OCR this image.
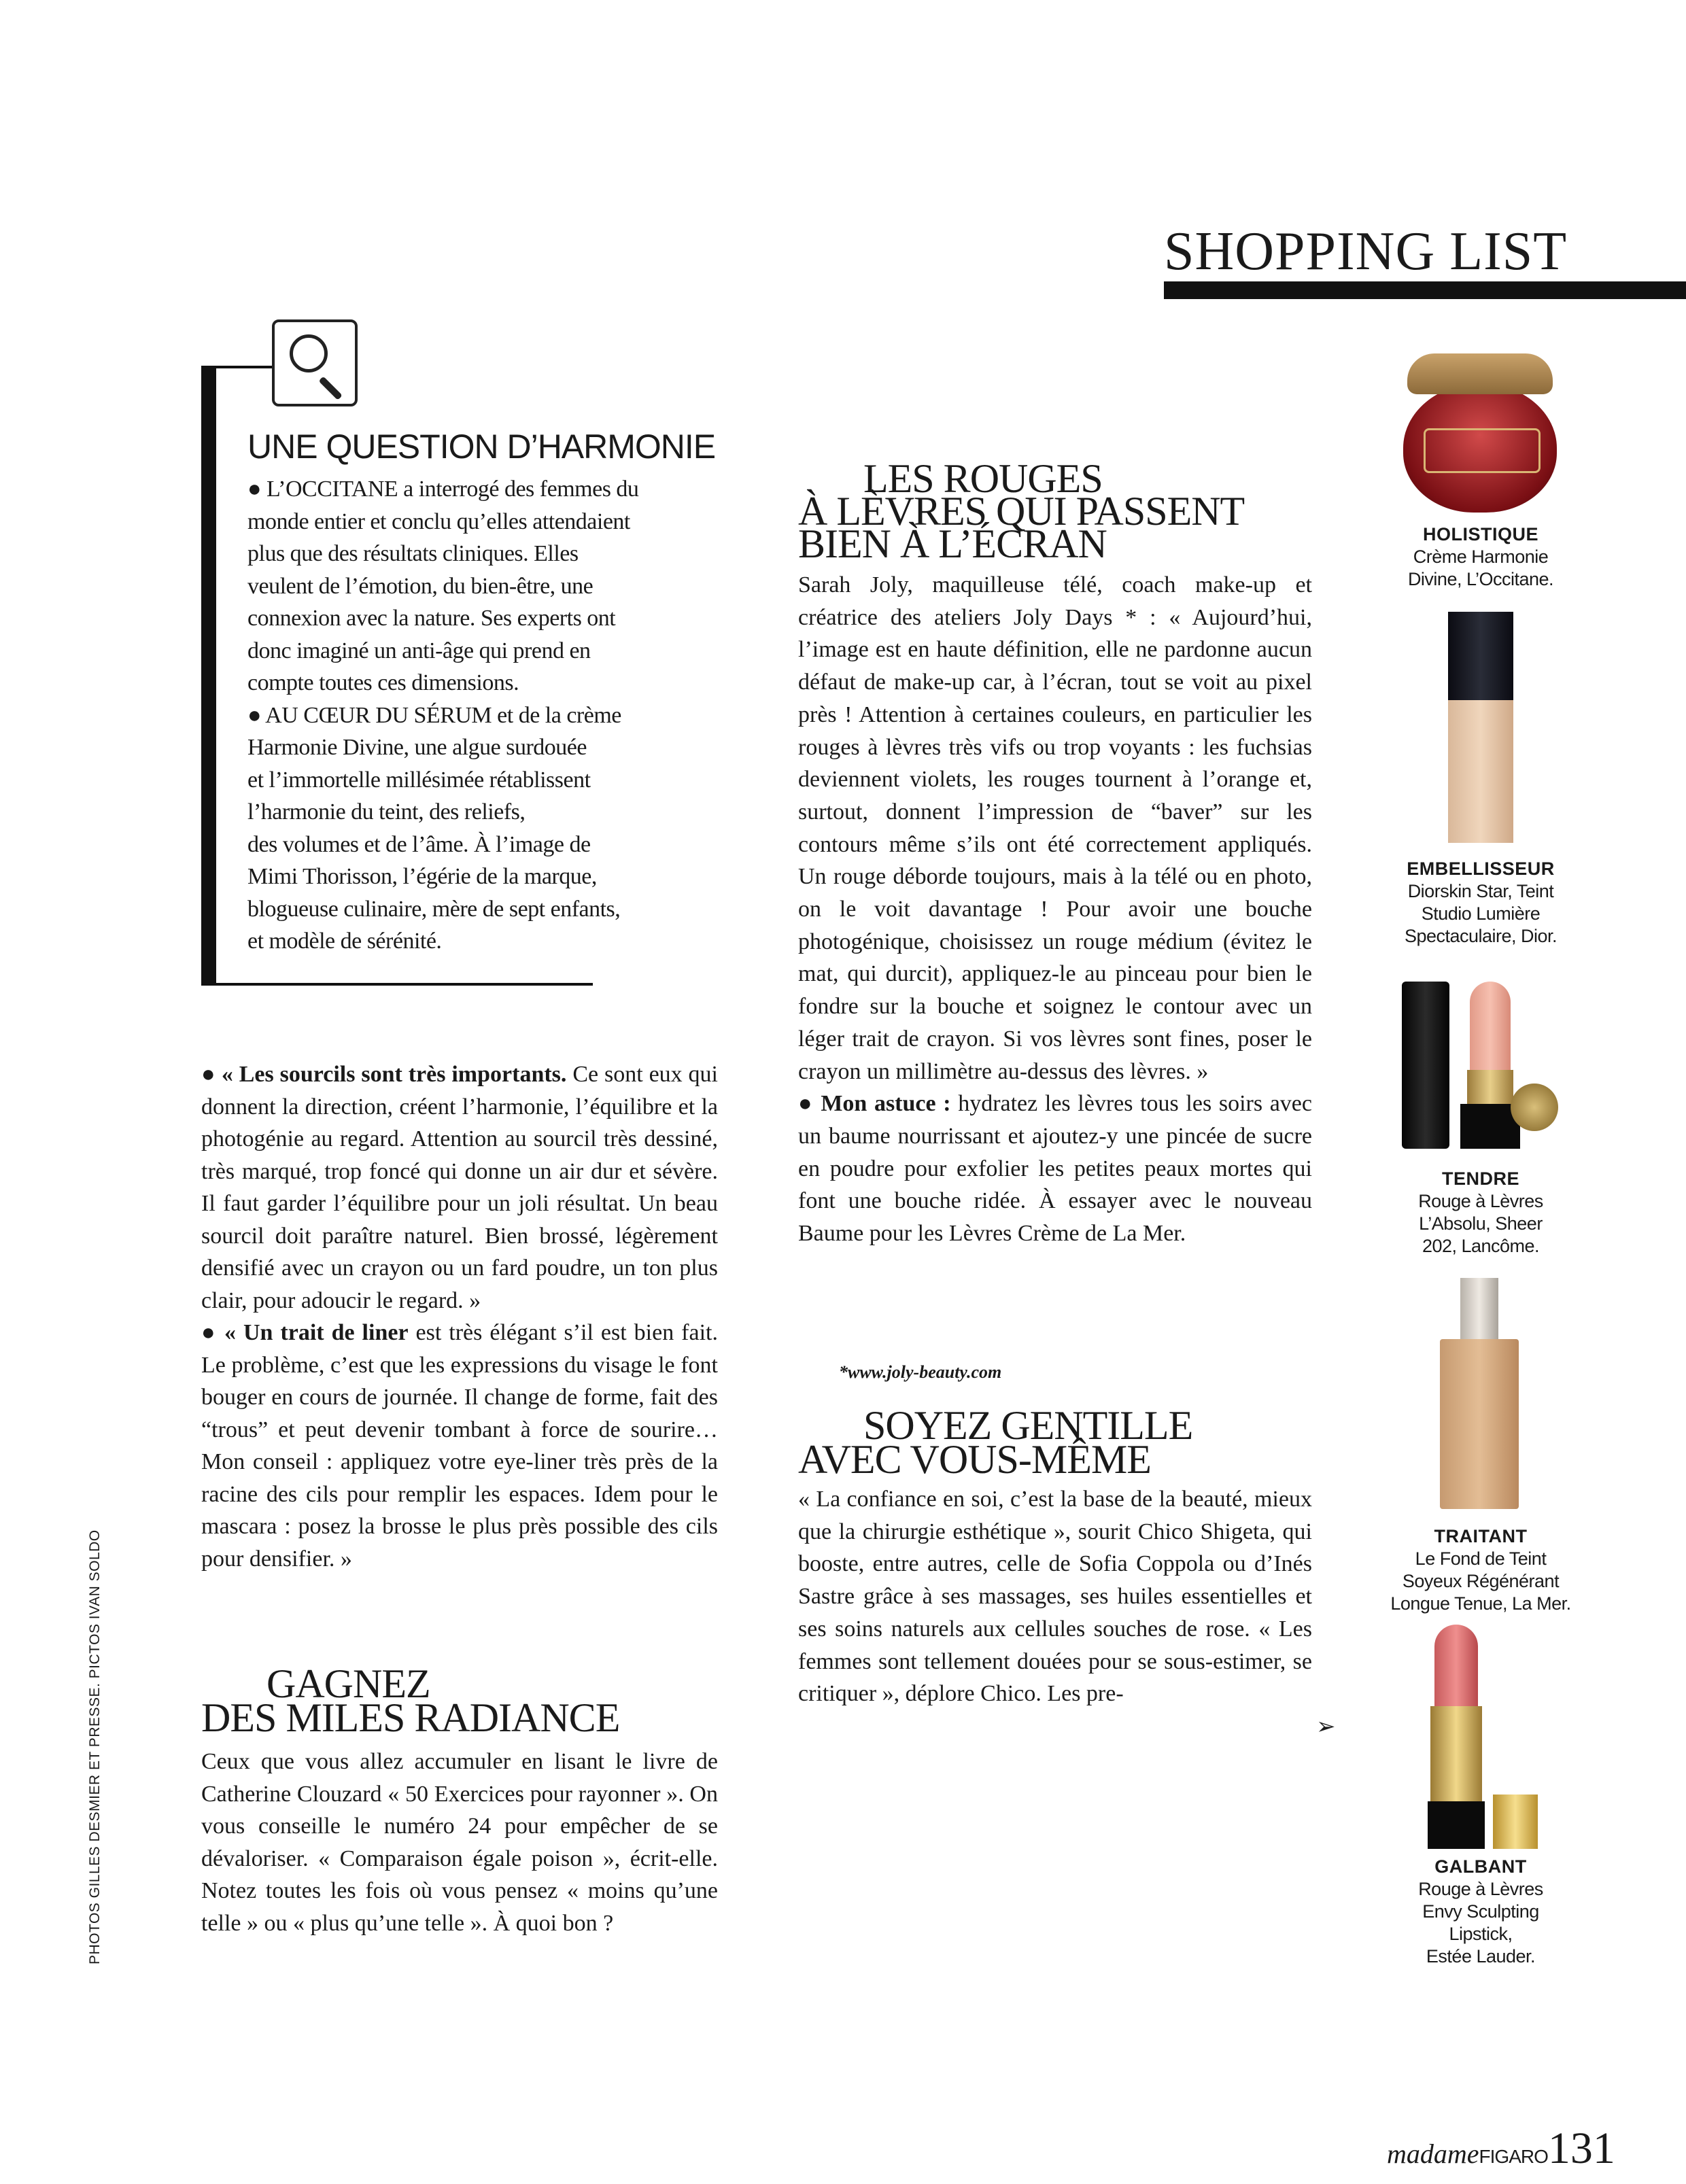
SHOPPING LIST
UNE QUESTION D’HARMONIE
● L’OCCITANE a interrogé des femmes du
monde entier et conclu qu’elles attendaient
plus que des résultats cliniques. Elles
veulent de l’émotion, du bien-être, une
connexion avec la nature. Ses experts ont
donc imaginé un anti-âge qui prend en
compte toutes ces dimensions.
● AU CŒUR DU SÉRUM et de la crème
Harmonie Divine, une algue surdouée
et l’immortelle millésimée rétablissent
l’harmonie du teint, des reliefs,
des volumes et de l’âme. À l’image de
Mimi Thorisson, l’égérie de la marque,
blogueuse culinaire, mère de sept enfants,
et modèle de sérénité.
● « Les sourcils sont très importants. Ce sont eux qui donnent la direction, créent l’harmonie, l’équilibre et la photogénie au regard. Attention au sourcil très dessiné, très marqué, trop foncé qui donne un air dur et sévère. Il faut garder l’équilibre pour un joli résultat. Un beau sourcil doit paraître naturel. Bien brossé, légèrement densifié avec un crayon ou un fard poudre, un ton plus clair, pour adoucir le regard. »
● « Un trait de liner est très élégant s’il est bien fait. Le problème, c’est que les expressions du visage le font bouger en cours de journée. Il change de forme, fait des “trous” et peut devenir tombant à force de sourire… Mon conseil : appliquez votre eye-liner très près de la racine des cils pour remplir les espaces. Idem pour le mascara : posez la brosse le plus près possible des cils pour densifier. »
GAGNEZ
DES MILES RADIANCE
Ceux que vous allez accumuler en lisant le livre de Catherine Clouzard « 50 Exercices pour rayonner ». On vous conseille le numéro 24 pour empêcher de se dévaloriser. « Comparaison égale poison », écrit-elle. Notez toutes les fois où vous pensez « moins qu’une telle » ou « plus qu’une telle ». À quoi bon ?
LES ROUGES
À LÈVRES QUI PASSENT
BIEN À L’ÉCRAN
Sarah Joly, maquilleuse télé, coach make-up et créatrice des ateliers Joly Days * : « Aujourd’hui, l’image est en haute définition, elle ne pardonne aucun défaut de make-up car, à l’écran, tout se voit au pixel près ! Attention à certaines couleurs, en particulier les rouges à lèvres très vifs ou trop voyants : les fuchsias deviennent violets, les rouges tournent à l’orange et, surtout, donnent l’impression de “baver” sur les contours même s’ils ont été correctement appliqués. Un rouge déborde toujours, mais à la télé ou en photo, on le voit davantage ! Pour avoir une bouche photogénique, choisissez un rouge médium (évitez le mat, qui durcit), appliquez-le au pinceau pour bien le fondre sur la bouche et soignez le contour avec un léger trait de crayon. Si vos lèvres sont fines, poser le crayon un millimètre au-dessus des lèvres. »
● Mon astuce : hydratez les lèvres tous les soirs avec un baume nourrissant et ajoutez-y une pincée de sucre en poudre pour exfolier les petites peaux mortes qui font une bouche ridée. À essayer avec le nouveau Baume pour les Lèvres Crème de La Mer.

*www.joly-beauty.com

SOYEZ GENTILLE
AVEC VOUS-MÊME
« La confiance en soi, c’est la base de la beauté, mieux que la chirurgie esthétique », sourit Chico Shigeta, qui booste, entre autres, celle de Sofia Coppola ou d’Inés Sastre grâce à ses massages, ses huiles essentielles et ses soins naturels aux cellules souches de rose. « Les femmes sont tellement douées pour se sous-estimer, se critiquer », déplore Chico. Les pre-
➢

HOLISTIQUE

Crème Harmonie
Divine, L’Occitane.

EMBELLISSEUR

Diorskin Star, Teint
Studio Lumière
Spectaculaire, Dior.

TENDRE

Rouge à Lèvres
L’Absolu, Sheer
202, Lancôme.

TRAITANT

Le Fond de Teint
Soyeux Régénérant
Longue Tenue, La Mer.

GALBANT

Rouge à Lèvres
Envy Sculpting
Lipstick,
Estée Lauder.

PHOTOS GILLES DESMIER ET PRESSE. PICTOS IVAN SOLDO

madameFIGARO131
